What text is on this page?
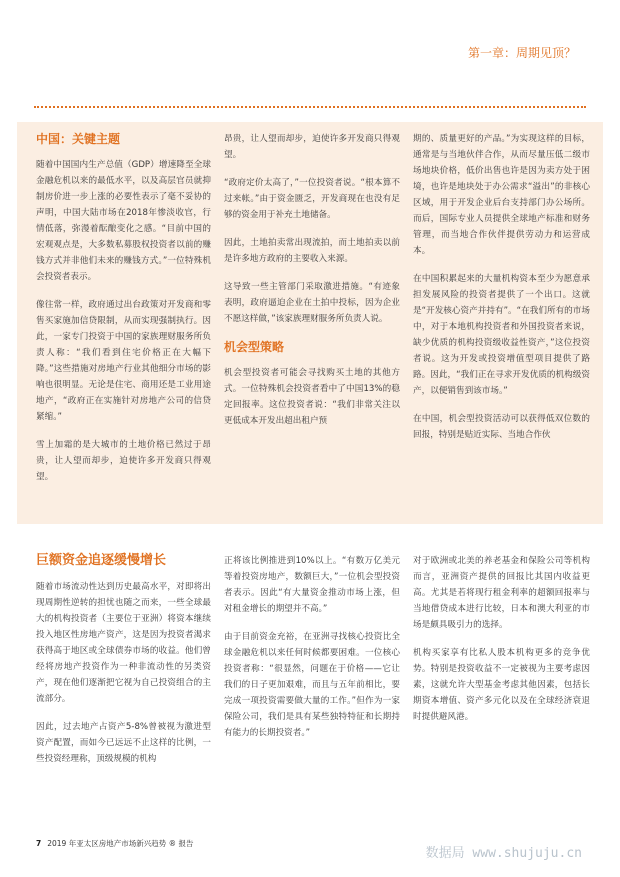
第一章：周期见顶？
中国：关键主题

随着中国国内生产总值（GDP）增速降至全球金融危机以来的最低水平，以及高层官员就抑制房价进一步上涨的必要性表示了毫不妥协的声明，中国大陆市场在2018年惨淡收官，行情低落，弥漫着酝酿变化之感。“目前中国的宏观观点是，大多数私募股权投资者以前的赚钱方式并非他们未来的赚钱方式。”一位特殊机会投资者表示。

像往常一样，政府通过出台政策对开发商和零售买家施加信贷限制，从而实现强制执行。因此，一家专门投资于中国的家族理财服务所负责人称：“我们看到住宅价格正在大幅下降。”这些措施对房地产行业其他细分市场的影响也很明显。无论是住宅、商用还是工业用途地产，“政府正在实施针对房地产公司的信贷紧缩。”

雪上加霜的是大城市的土地价格已然过于昂贵，让人望而却步，迫使许多开发商只得观望。

昂贵，让人望而却步，迫使许多开发商只得观望。

“政府定价太高了，”一位投资者说。“根本算不过来帐。”由于资金匮乏，开发商现在也没有足够的资金用于补充土地储备。

因此，土地拍卖常出现流拍，而土地拍卖以前是许多地方政府的主要收入来源。

这导致一些主管部门采取激进措施。“有迹象表明，政府逼迫企业在土拍中投标，因为企业不愿这样做，”该家族理财服务所负责人说。

机会型策略

机会型投资者可能会寻找购买土地的其他方式。一位特殊机会投资者看中了中国13%的稳定回报率。这位投资者说：“我们非常关注以更低成本开发出超出租户预

期的、质量更好的产品。”为实现这样的目标，通常是与当地伙伴合作，从而尽量压低二级市场地块价格，低价出售也许是因为卖方处于困境，也许是地块处于办公需求“溢出”的非核心区域，用于开发企业后台支持部门办公场所。而后，国际专业人员提供全球地产标准和财务管理，而当地合作伙伴提供劳动力和运营成本。

在中国积累起来的大量机构资本至少为愿意承担发展风险的投资者提供了一个出口。这就是“开发核心资产并持有”。“在我们所有的市场中，对于本地机构投资者和外国投资者来说，缺少优质的机构投资级收益性资产，”这位投资者说。这为开发或投资增值型项目提供了路路。因此，“我们正在寻求开发优质的机构级资产，以便销售到该市场。”

在中国，机会型投资活动可以获得低双位数的回报，特别是贴近实际、当地合作伙

巨额资金追逐缓慢增长

随着市场流动性达到历史最高水平，对即将出现周期性逆转的担忧也随之而来，一些全球最大的机构投资者（主要位于亚洲）将资本继续投入地区性房地产资产，这是因为投资者渴求获得高于地区或全球债券市场的收益。他们曾经将房地产投资作为一种非流动性的另类资产，现在他们逐渐把它视为自己投资组合的主流部分。

因此，过去地产占资产5-8%曾被视为激进型资产配置，而如今已远远不止这样的比例，一些投资经理称，顶级规模的机构

正将该比例推进到10%以上。“有数万亿美元等着投资房地产，数额巨大，”一位机会型投资者表示。因此“有大量资金推动市场上涨，但对租金增长的期望并不高。”

由于目前资金充裕，在亚洲寻找核心投资比全球金融危机以来任何时候都要困难。一位核心投资者称：“很显然，问题在于价格——它让我们的日子更加艰难，而且与五年前相比，要完成一项投资需要做大量的工作。”但作为一家保险公司，我们是具有某些独特特征和长期持有能力的长期投资者。”

对于欧洲或北美的养老基金和保险公司等机构而言，亚洲资产提供的回报比其国内收益更高。尤其是若将现行租金利率的超额回报率与当地借贷成本进行比较，日本和澳大利亚的市场是颇具吸引力的选择。

机构买家享有比私人股本机构更多的竞争优势。特别是投资收益不一定被视为主要考虑因素，这就允许大型基金考虑其他因素，包括长期资本增值、资产多元化以及在全球经济衰退时提供避风港。

7 2019 年亚太区房地产市场新兴趋势 ® 报告
数据局 www.shujuju.cn
